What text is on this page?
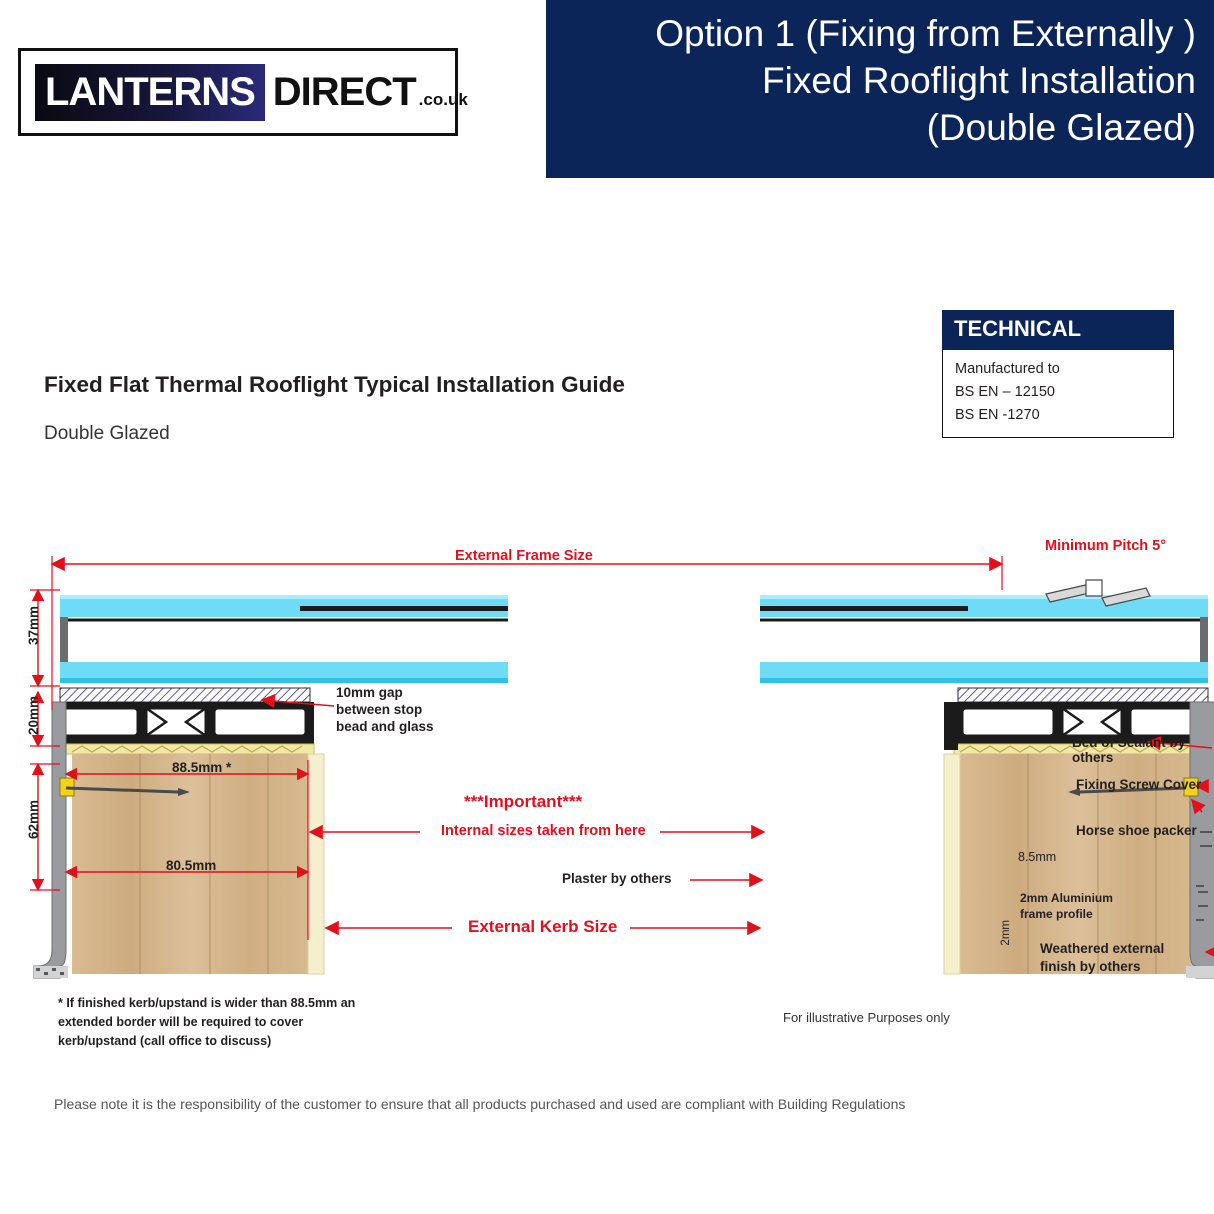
LANTERNS DIRECT .co.uk
Option 1 (Fixing from Externally )
Fixed Rooflight Installation
(Double Glazed)
TECHNICAL
Manufactured to
BS EN – 12150
BS EN -1270
Fixed Flat Thermal Rooflight Typical Installation Guide
Double Glazed
External Frame Size
Minimum Pitch 5°
37mm
20mm
62mm
88.5mm *
80.5mm
10mm gap between stop bead and glass
***Important***
Internal sizes taken from here
Plaster by others
External Kerb Size
Bed of Sealant by others
Fixing Screw Cover
Horse shoe packer
8.5mm
2mm Aluminium frame profile
2mm
Weathered external finish by others
* If finished kerb/upstand is wider than 88.5mm an extended border will be required to cover kerb/upstand (call office to discuss)
For illustrative Purposes only
Please note it is the responsibility of the customer to ensure that all products purchased and used are compliant with Building Regulations
